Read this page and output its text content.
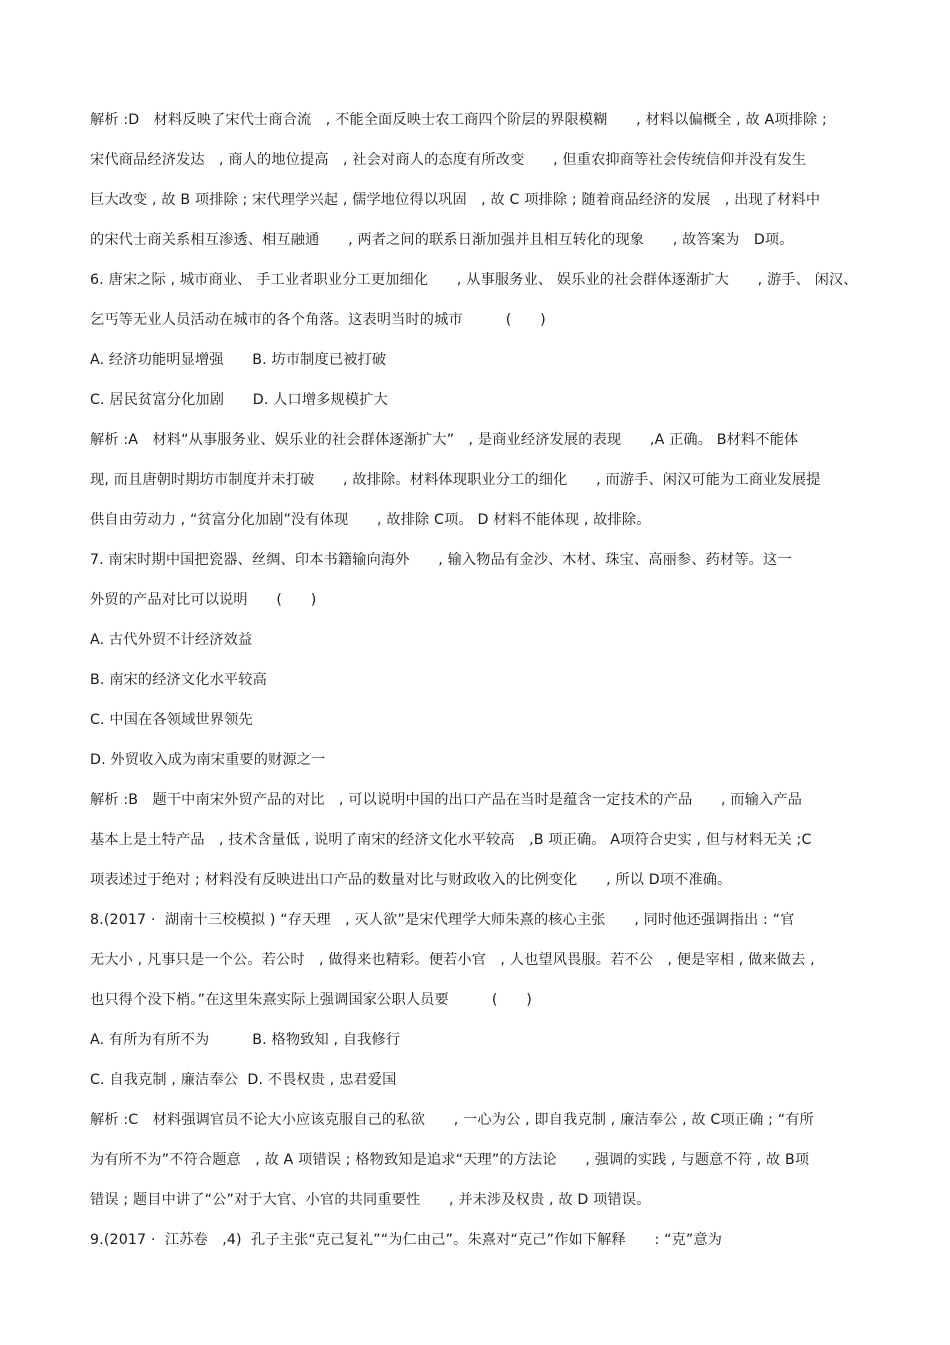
解析 :D　材料反映了宋代士商合流　, 不能全面反映士农工商四个阶层的界限模糊　　, 材料以偏概全 , 故 A项排除 ;
宋代商品经济发达　, 商人的地位提高　, 社会对商人的态度有所改变　　, 但重农抑商等社会传统信仰并没有发生
巨大改变 , 故 B 项排除 ; 宋代理学兴起 , 儒学地位得以巩固　, 故 C 项排除 ; 随着商品经济的发展　, 出现了材料中
的宋代士商关系相互渗透、相互融通　　, 两者之间的联系日渐加强并且相互转化的现象　　, 故答案为　D项。
6. 唐宋之际 , 城市商业、 手工业者职业分工更加细化　　, 从事服务业、 娱乐业的社会群体逐渐扩大　　, 游手、 闲汉、
乞丐等无业人员活动在城市的各个角落。这表明当时的城市　　　(　　)
A. 经济功能明显增强　　B. 坊市制度已被打破
C. 居民贫富分化加剧　　D. 人口增多规模扩大
解析 :A　材料“从事服务业、娱乐业的社会群体逐渐扩大”　, 是商业经济发展的表现　　,A 正确。 B材料不能体
现, 而且唐朝时期坊市制度并未打破　　, 故排除。材料体现职业分工的细化　　, 而游手、闲汉可能为工商业发展提
供自由劳动力 , “贫富分化加剧”没有体现　　, 故排除 C项。 D 材料不能体现 , 故排除。
7. 南宋时期中国把瓷器、丝绸、印本书籍输向海外　　, 输入物品有金沙、木材、珠宝、高丽参、药材等。这一
外贸的产品对比可以说明　　(　　)
A. 古代外贸不计经济效益
B. 南宋的经济文化水平较高
C. 中国在各领域世界领先
D. 外贸收入成为南宋重要的财源之一
解析 :B　题干中南宋外贸产品的对比　, 可以说明中国的出口产品在当时是蕴含一定技术的产品　　, 而输入产品
基本上是土特产品　, 技术含量低 , 说明了南宋的经济文化水平较高　,B 项正确。 A项符合史实 , 但与材料无关 ;C
项表述过于绝对 ; 材料没有反映进出口产品的数量对比与财政收入的比例变化　　, 所以 D项不准确。
8.(2017 ·  湖南十三校模拟 ) “存天理　, 灭人欲”是宋代理学大师朱熹的核心主张　　, 同时他还强调指出 : “官
无大小 , 凡事只是一个公。若公时　, 做得来也精彩。便若小官　, 人也望风畏服。若不公　, 便是宰相 , 做来做去 ,
也只得个没下梢。”在这里朱熹实际上强调国家公职人员要　　　(　　)
A. 有所为有所不为　　　B. 格物致知 , 自我修行
C. 自我克制 , 廉洁奉公  D. 不畏权贵 , 忠君爱国
解析 :C　材料强调官员不论大小应该克服自己的私欲　　, 一心为公 , 即自我克制 , 廉洁奉公 , 故 C项正确 ; “有所
为有所不为”不符合题意　, 故 A 项错误 ; 格物致知是追求“天理”的方法论　　, 强调的实践 , 与题意不符 , 故 B项
错误 ; 题目中讲了“公”对于大官、小官的共同重要性　　, 并未涉及权贵 , 故 D 项错误。
9.(2017 ·  江苏卷　,4)  孔子主张“克己复礼”“为仁由己”。朱熹对“克己”作如下解释　　: “克”意为
